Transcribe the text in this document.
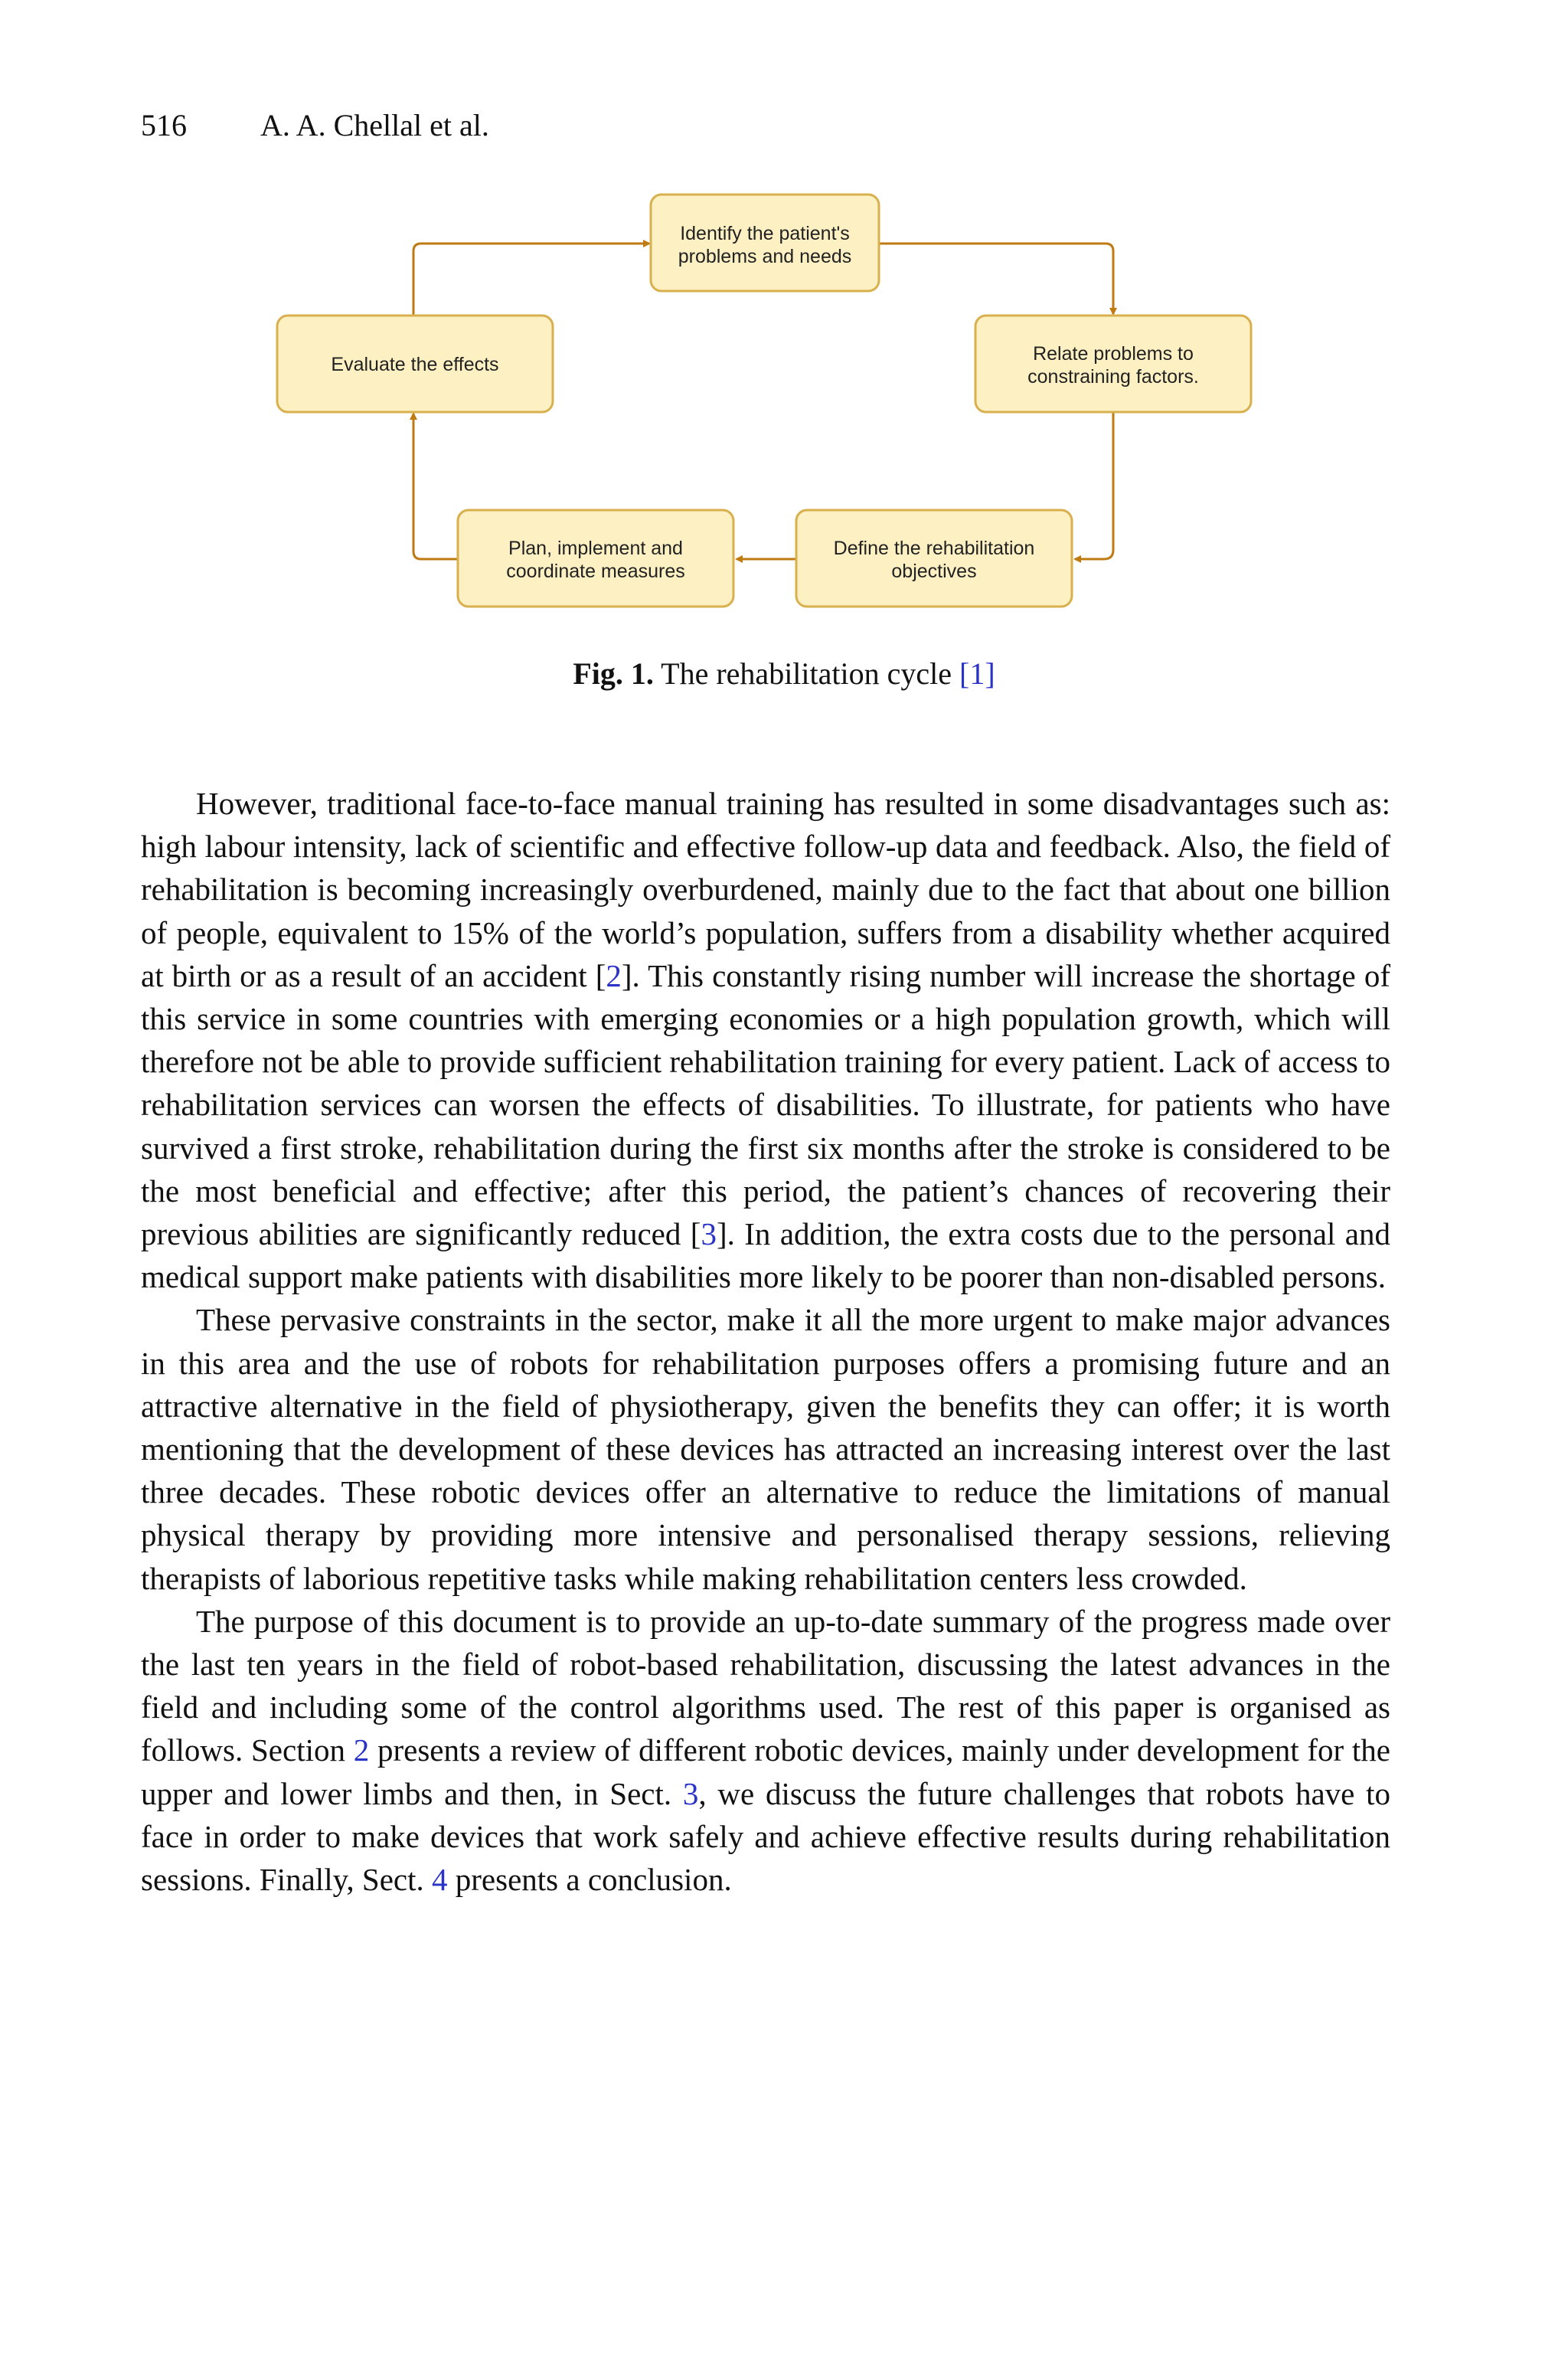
516 A. A. Chellal et al.
Identify the patient's
problems and needs
Relate problems to
constraining factors.
Define the rehabilitation
objectives
Plan, implement and
coordinate measures
Evaluate the effects
Fig. 1. The rehabilitation cycle [1]

However, traditional face-to-face manual training has resulted in some disadvantages such as: high labour intensity, lack of scientific and effective follow-up data and feedback. Also, the field of rehabilitation is becoming increasingly overburdened, mainly due to the fact that about one billion of people, equivalent to 15% of the world’s population, suffers from a disability whether acquired at birth or as a result of an accident [2]. This constantly rising number will increase the shortage of this service in some countries with emerging economies or a high population growth, which will therefore not be able to provide sufficient rehabilitation training for every patient. Lack of access to rehabilitation services can worsen the effects of disabilities. To illustrate, for patients who have survived a first stroke, rehabilitation during the first six months after the stroke is considered to be the most beneficial and effective; after this period, the patient’s chances of recovering their previous abilities are significantly reduced [3]. In addition, the extra costs due to the personal and medical support make patients with disabilities more likely to be poorer than non-disabled persons.

These pervasive constraints in the sector, make it all the more urgent to make major advances in this area and the use of robots for rehabilitation purposes offers a promising future and an attractive alternative in the field of physiotherapy, given the benefits they can offer; it is worth mentioning that the development of these devices has attracted an increasing interest over the last three decades. These robotic devices offer an alternative to reduce the limitations of manual physical therapy by providing more intensive and personalised therapy sessions, relieving therapists of laborious repetitive tasks while making rehabilitation centers less crowded.

The purpose of this document is to provide an up-to-date summary of the progress made over the last ten years in the field of robot-based rehabilitation, discussing the latest advances in the field and including some of the control algorithms used. The rest of this paper is organised as follows. Section 2 presents a review of different robotic devices, mainly under development for the upper and lower limbs and then, in Sect. 3, we discuss the future challenges that robots have to face in order to make devices that work safely and achieve effective results during rehabilitation sessions. Finally, Sect. 4 presents a conclusion.
